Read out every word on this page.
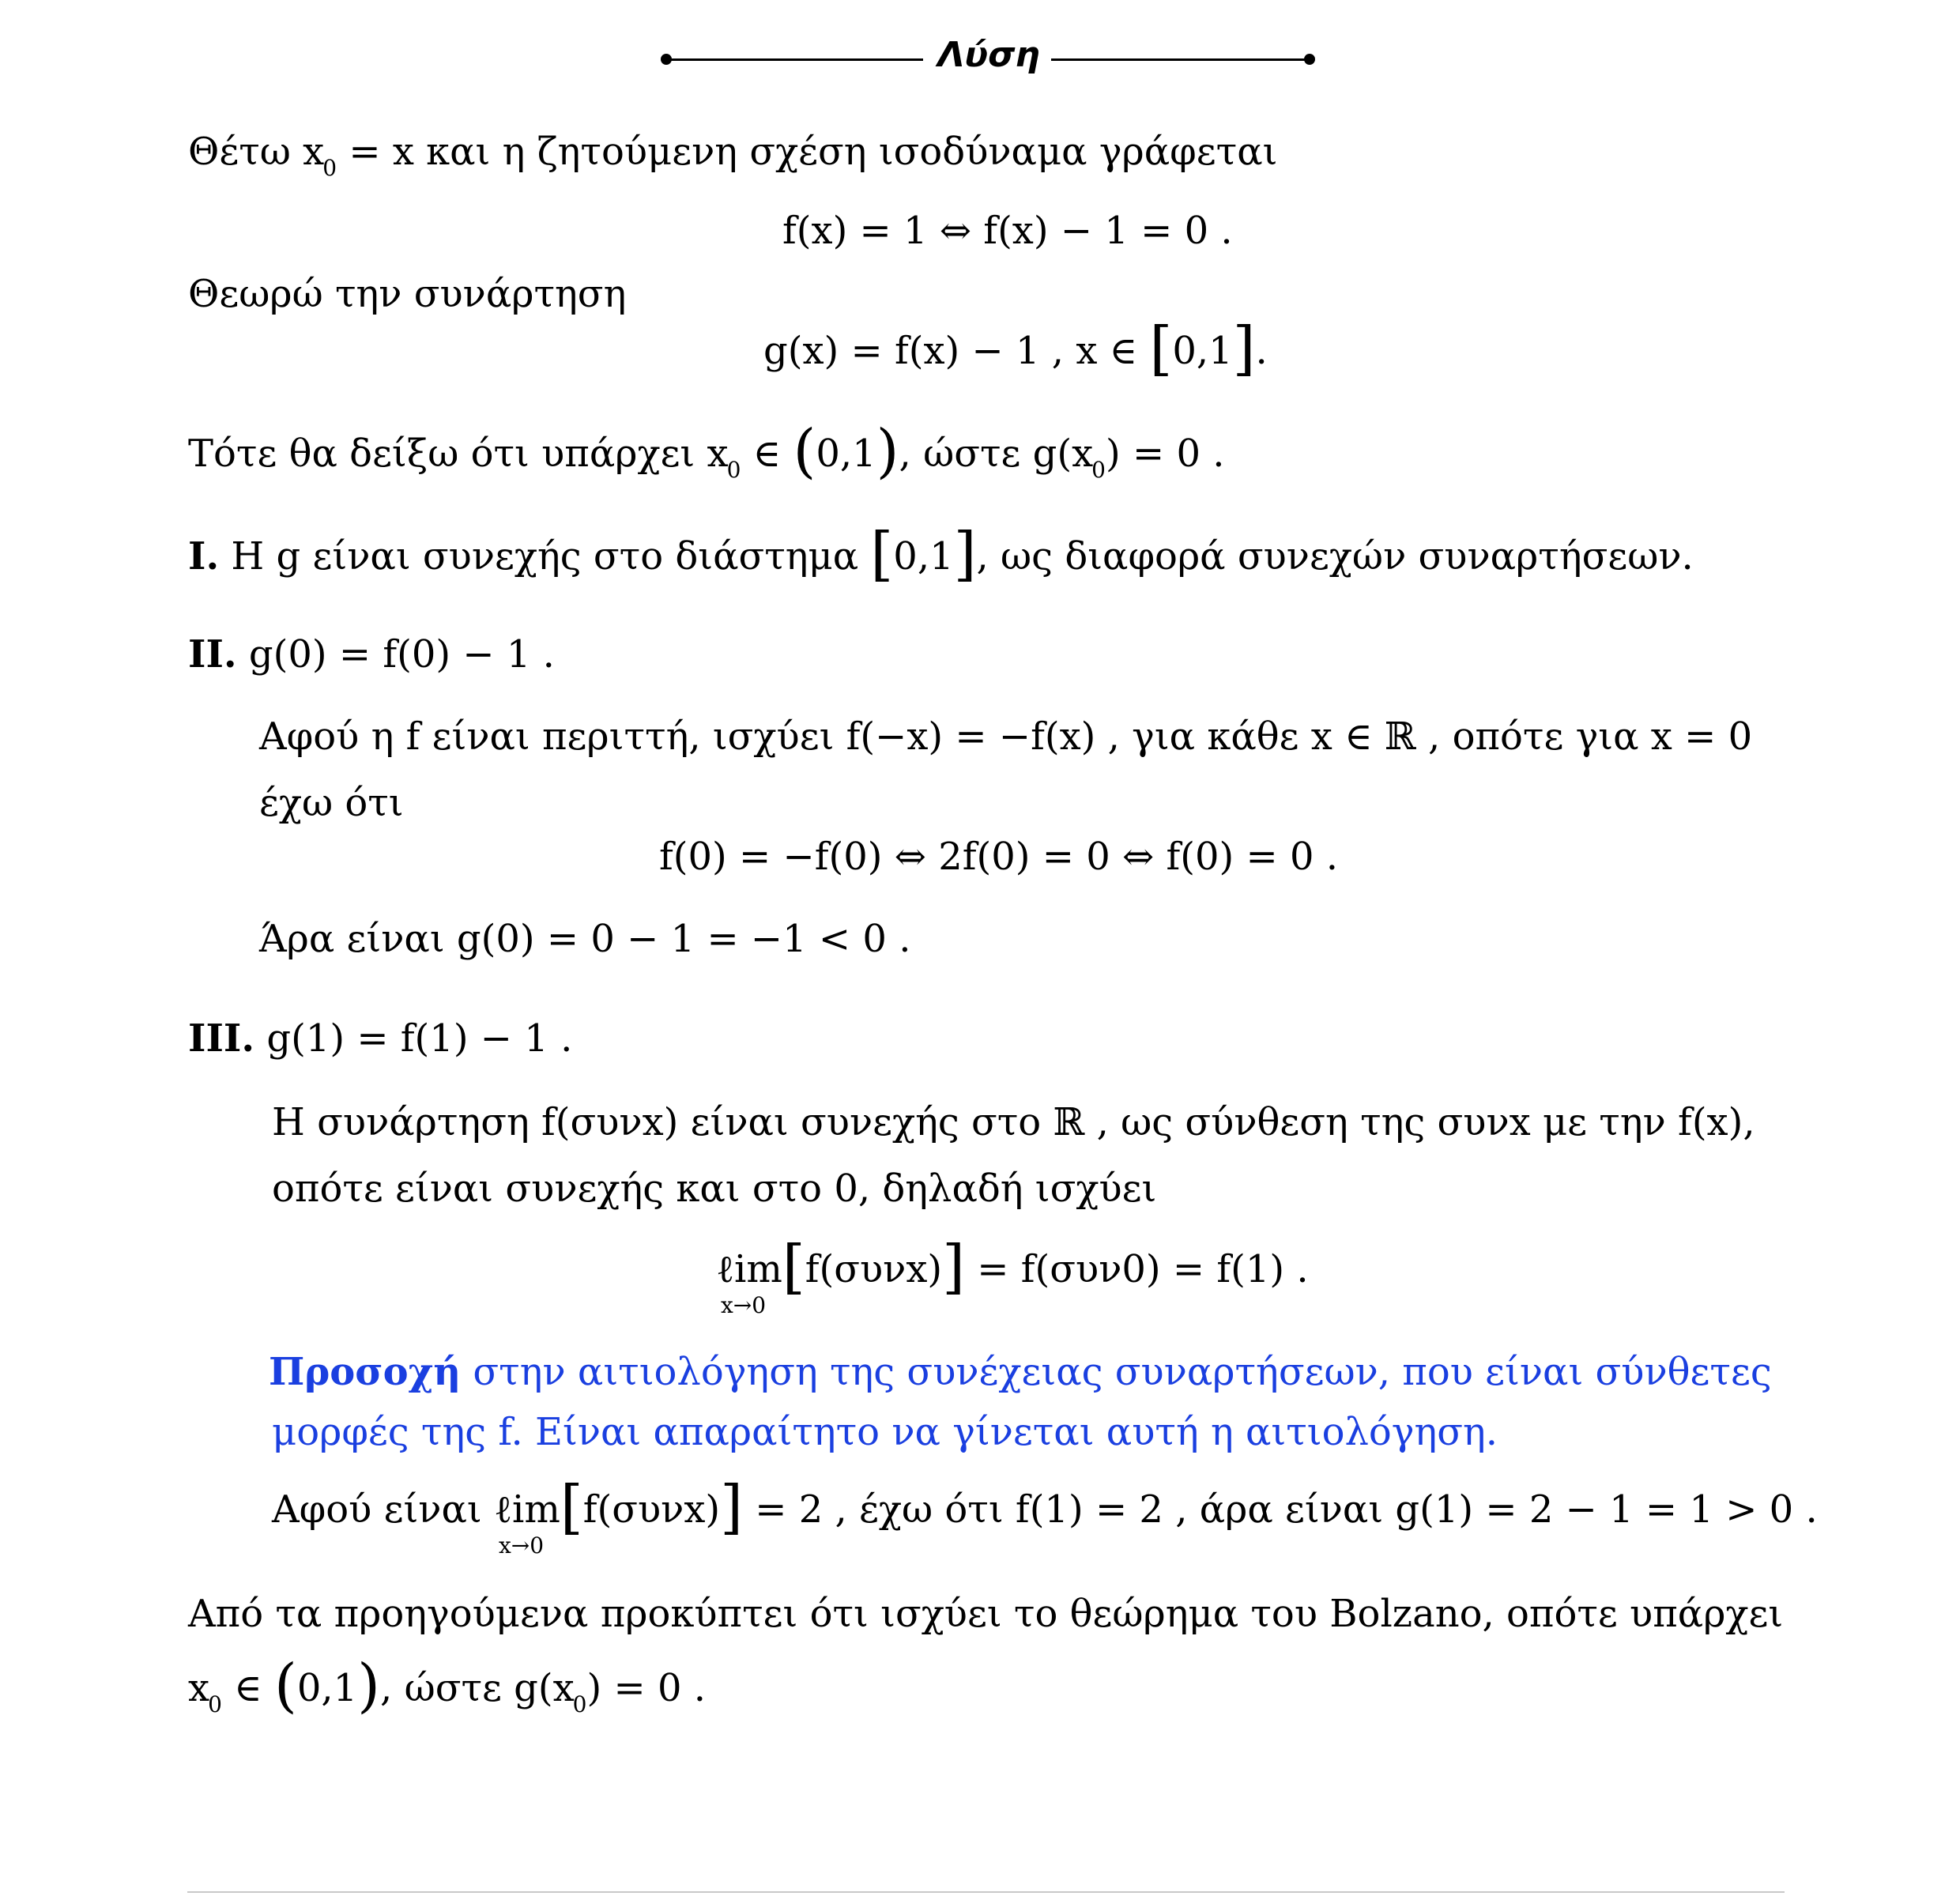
Λύση
Θέτω $x_0 = x$ και η ζητούμενη σχέση ισοδύναμα γράφεται
f(x) = 1 ⇔ f(x) − 1 = 0 .
Θεωρώ την συνάρτηση
g(x) = f(x) − 1 , x ∈ [0,1].
Τότε θα δείξω ότι υπάρχει $x_0$ ∈ (0,1), ώστε $g(x_0) = 0$ .
I. Η g είναι συνεχής στο διάστημα [0,1], ως διαφορά συνεχών συναρτήσεων.
II. g(0) = f(0) − 1 .
Αφού η f είναι περιττή, ισχύει f(−x) = −f(x) , για κάθε x ∈ ℝ , οπότε για x = 0
έχω ότι
f(0) = −f(0) ⇔ 2f(0) = 0 ⇔ f(0) = 0 .
Άρα είναι g(0) = 0 − 1 = −1 < 0 .
III. g(1) = f(1) − 1 .
Η συνάρτηση f(συνx) είναι συνεχής στο ℝ , ως σύνθεση της συνx με την f(x),
οπότε είναι συνεχής και στο 0, δηλαδή ισχύει
ℓim
x→0
[f(συνx)] = f(συν0) = f(1) .
Προσοχή στην αιτιολόγηση της συνέχειας συναρτήσεων, που είναι σύνθετες
μορφές της f. Είναι απαραίτητο να γίνεται αυτή η αιτιολόγηση.
Αφού είναι ℓim
x→0
[f(συνx)] = 2 , έχω ότι f(1) = 2 , άρα είναι g(1) = 2 − 1 = 1 > 0 .
Από τα προηγούμενα προκύπτει ότι ισχύει το θεώρημα του Bolzano, οπότε υπάρχει
$x_0$ ∈ (0,1), ώστε $g(x_0) = 0$ .
